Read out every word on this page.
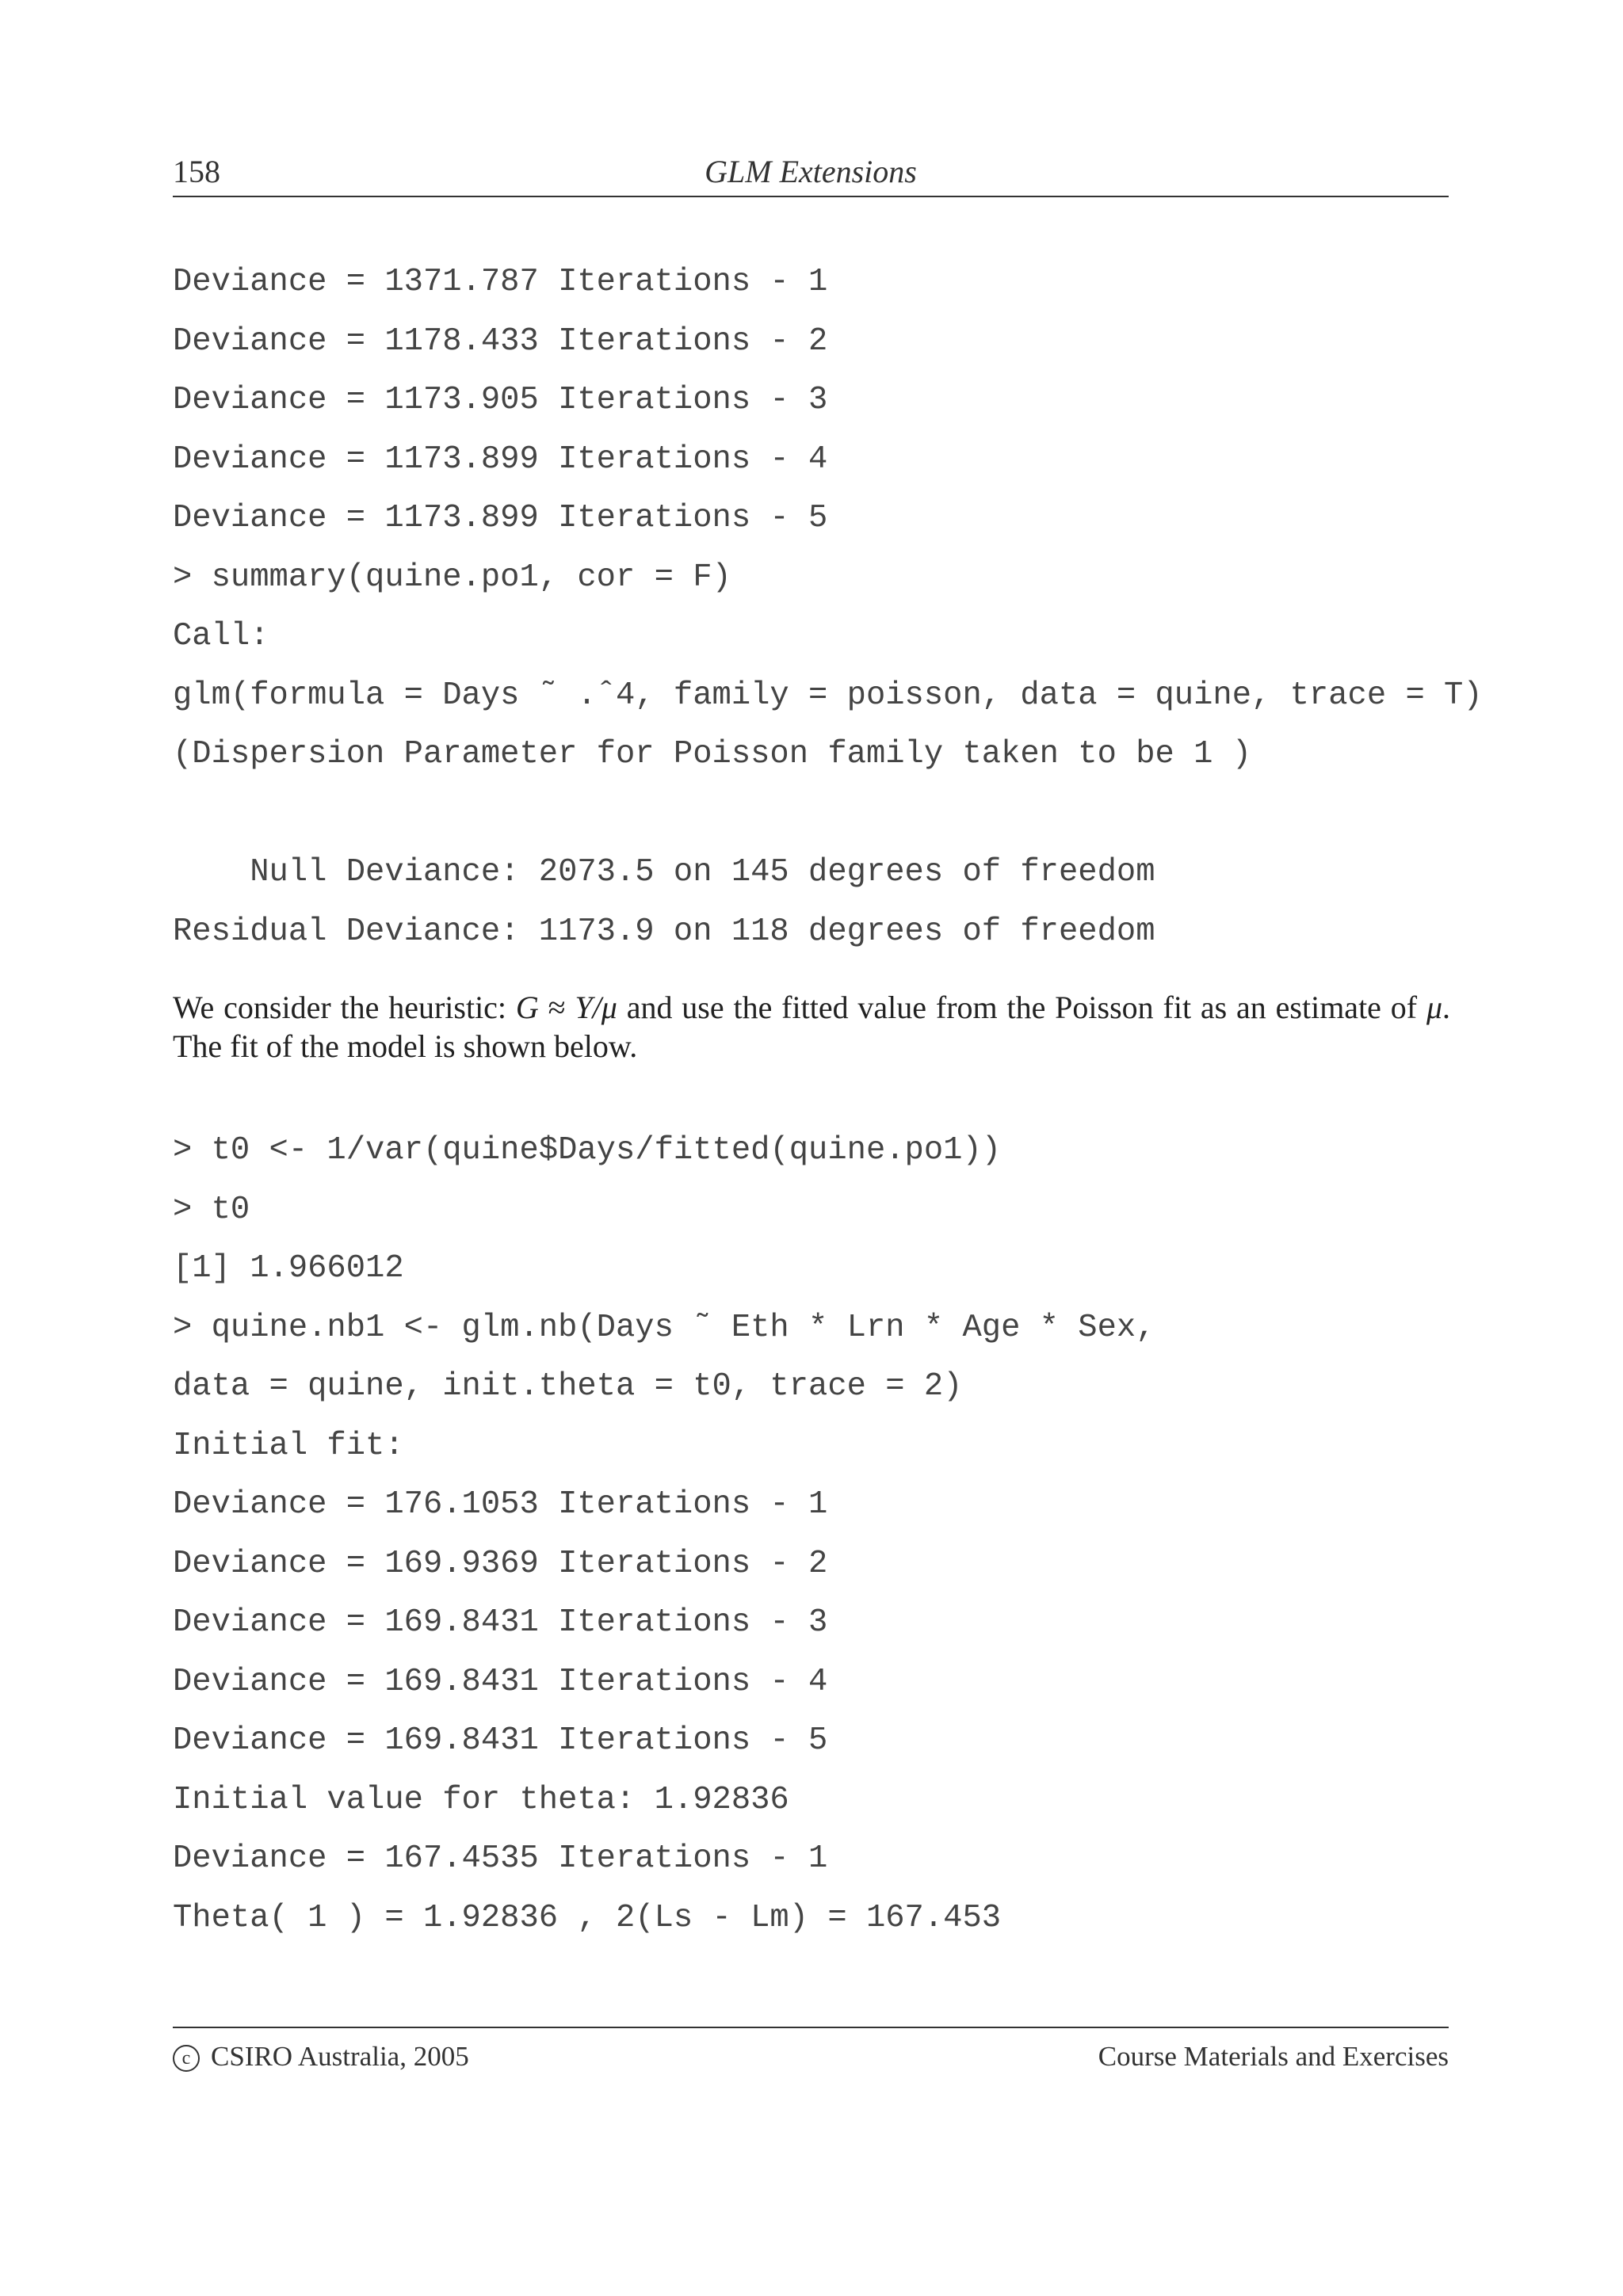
158	GLM Extensions
Deviance = 1371.787 Iterations - 1
Deviance = 1178.433 Iterations - 2
Deviance = 1173.905 Iterations - 3
Deviance = 1173.899 Iterations - 4
Deviance = 1173.899 Iterations - 5
> summary(quine.po1, cor = F)
Call:
glm(formula = Days ˜ .ˆ4, family = poisson, data = quine, trace = T)
(Dispersion Parameter for Poisson family taken to be 1 )
Null Deviance: 2073.5 on 145 degrees of freedom
Residual Deviance: 1173.9 on 118 degrees of freedom
We consider the heuristic: G ≈ Y/μ and use the fitted value from the Poisson fit as an estimate of μ. The fit of the model is shown below.
> t0 <- 1/var(quine$Days/fitted(quine.po1))
> t0
[1] 1.966012
> quine.nb1 <- glm.nb(Days ˜ Eth * Lrn * Age * Sex,
data = quine, init.theta = t0, trace = 2)
Initial fit:
Deviance = 176.1053 Iterations - 1
Deviance = 169.9369 Iterations - 2
Deviance = 169.8431 Iterations - 3
Deviance = 169.8431 Iterations - 4
Deviance = 169.8431 Iterations - 5
Initial value for theta: 1.92836
Deviance = 167.4535 Iterations - 1
Theta( 1 ) = 1.92836 , 2(Ls - Lm) = 167.453
c CSIRO Australia, 2005	Course Materials and Exercises
